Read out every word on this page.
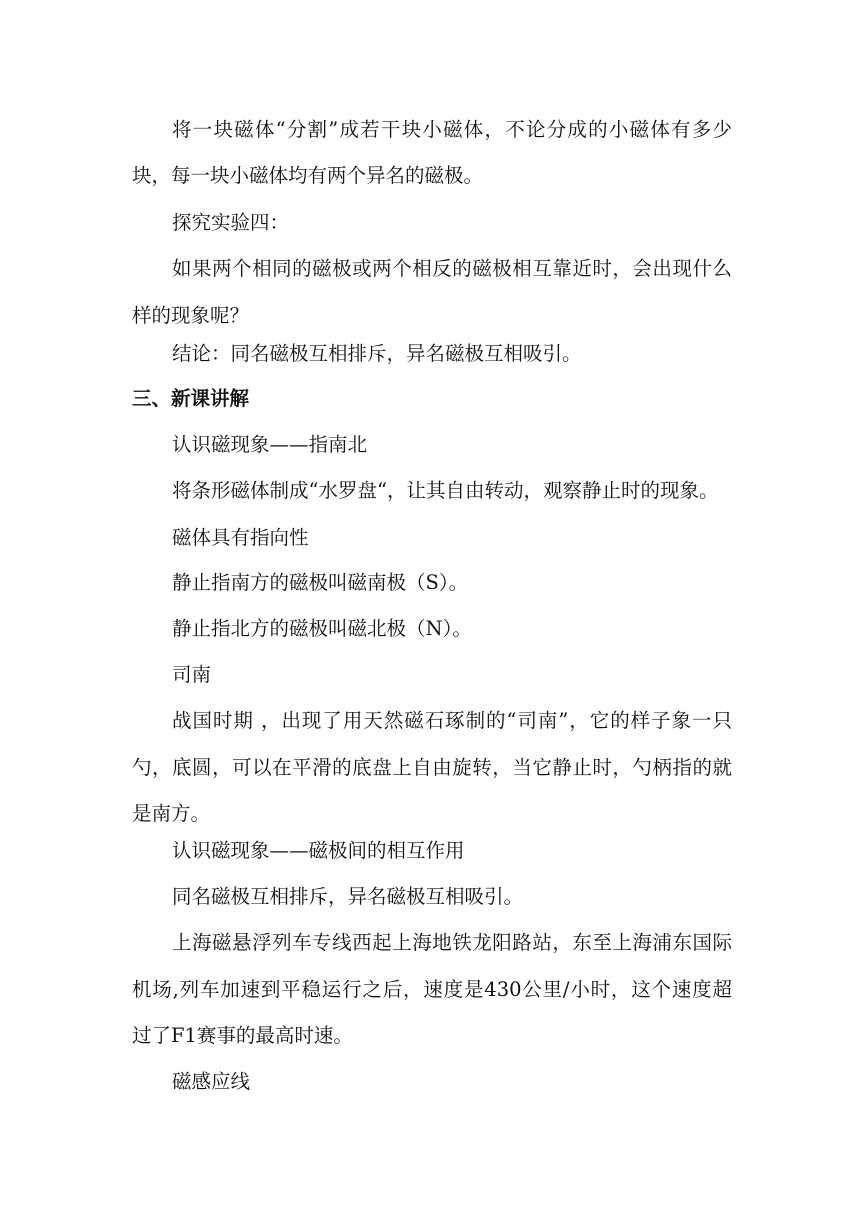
将一块磁体“分割”成若干块小磁体，不论分成的小磁体有多少
块，每一块小磁体均有两个异名的磁极。
探究实验四：
如果两个相同的磁极或两个相反的磁极相互靠近时，会出现什么
样的现象呢？
结论：同名磁极互相排斥，异名磁极互相吸引。
三、新课讲解
认识磁现象——指南北
将条形磁体制成“水罗盘“，让其自由转动，观察静止时的现象。
磁体具有指向性
静止指南方的磁极叫磁南极（S）。
静止指北方的磁极叫磁北极（N）。
司南
战国时期 ，出现了用天然磁石琢制的“司南”，它的样子象一只
勺，底圆，可以在平滑的底盘上自由旋转，当它静止时，勺柄指的就
是南方。
认识磁现象——磁极间的相互作用
同名磁极互相排斥，异名磁极互相吸引。
上海磁悬浮列车专线西起上海地铁龙阳路站，东至上海浦东国际
机场,列车加速到平稳运行之后，速度是430公里/小时，这个速度超
过了F1赛事的最高时速。
磁感应线
